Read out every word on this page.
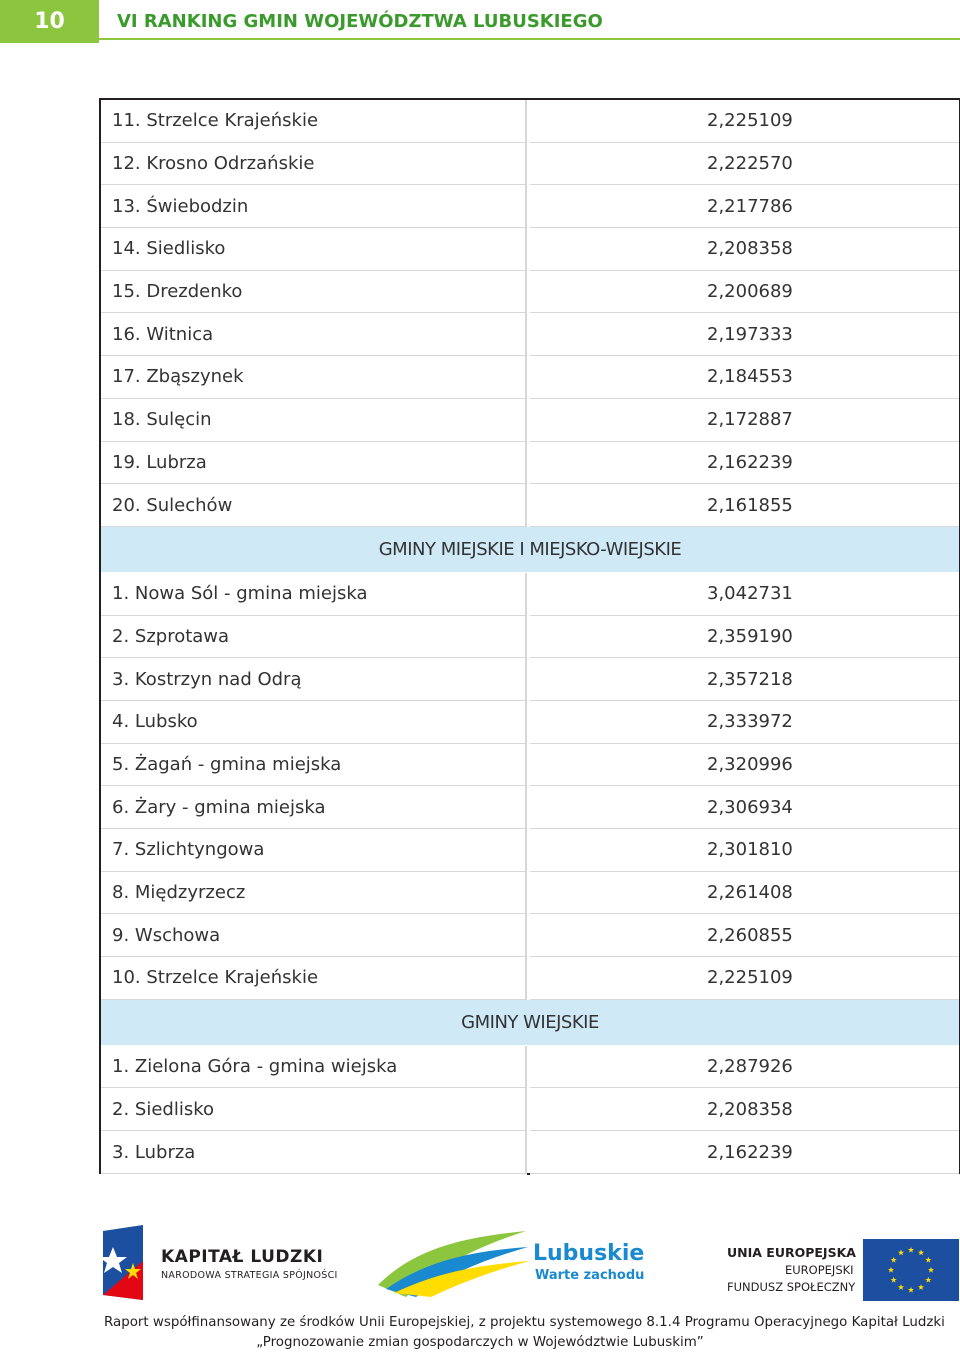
10	VI RANKING GMIN WOJEWÓDZTWA LUBUSKIEGO
11. Strzelce Krajeńskie		2,225109
12. Krosno Odrzańskie		2,222570
13. Świebodzin		2,217786
14. Siedlisko		2,208358
15. Drezdenko		2,200689
16. Witnica		2,197333
17. Zbąszynek		2,184553
18. Sulęcin		2,172887
19. Lubrza		2,162239
20. Sulechów		2,161855
GMINY MIEJSKIE I MIEJSKO-WIEJSKIE		
1. Nowa Sól - gmina miejska		3,042731
2. Szprotawa		2,359190
3. Kostrzyn nad Odrą		2,357218
4. Lubsko		2,333972
5. Żagań - gmina miejska		2,320996
6. Żary - gmina miejska		2,306934
7. Szlichtyngowa		2,301810
8. Międzyrzecz		2,261408
9. Wschowa		2,260855
10. Strzelce Krajeńskie		2,225109
GMINY WIEJSKIE		
1. Zielona Góra - gmina wiejska		2,287926
2. Siedlisko		2,208358
3. Lubrza		2,162239
KAPITAŁ LUDZKI
NARODOWA STRATEGIA SPÓJNOŚCI
Lubuskie
Warte zachodu
UNIA EUROPEJSKA
EUROPEJSKI
FUNDUSZ SPOŁECZNY
Raport współfinansowany ze środków Unii Europejskiej, z projektu systemowego 8.1.4 Programu Operacyjnego Kapitał Ludzki
„Prognozowanie zmian gospodarczych w Województwie Lubuskim”
